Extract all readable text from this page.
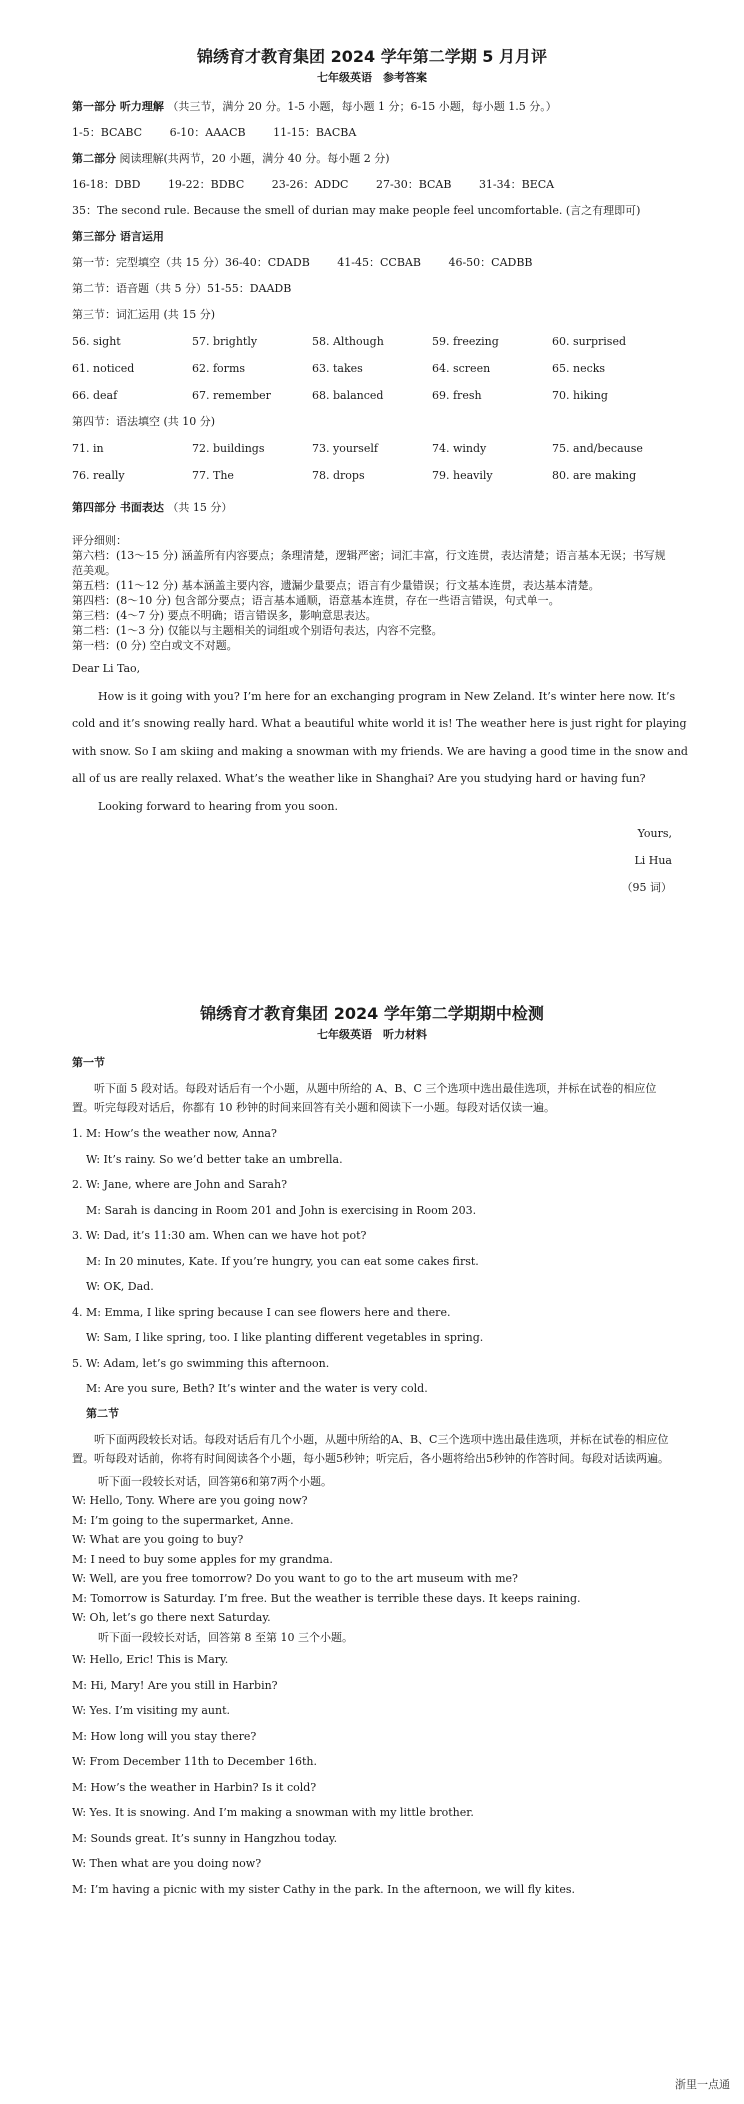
锦绣育才教育集团 2024 学年第二学期 5 月月评
七年级英语　参考答案
第一部分 听力理解 （共三节，满分 20 分。1-5 小题，每小题 1 分；6-15 小题，每小题 1.5 分。）
1-5：BCABC	6-10：AAACB	11-15：BACBA
第二部分 阅读理解(共两节，20 小题，满分 40 分。每小题 2 分)
16-18：DBD	19-22：BDBC	23-26：ADDC	27-30：BCAB	31-34：BECA
35：The second rule. Because the smell of durian may make people feel uncomfortable. (言之有理即可)
第三部分 语言运用
第一节：完型填空（共 15 分）36-40：CDADB	41-45：CCBAB	46-50：CADBB
第二节：语音题（共 5 分）51-55：DAADB
第三节：词汇运用 (共 15 分)
56. sight	57. brightly	58. Although	59. freezing	60. surprised
61. noticed	62. forms	63. takes	64. screen	65. necks
66. deaf	67. remember	68. balanced	69. fresh	70. hiking
第四节：语法填空 (共 10 分)
71. in	72. buildings	73. yourself	74. windy	75. and/because
76. really	77. The	78. drops	79. heavily	80. are making
第四部分 书面表达 （共 15 分）
评分细则：
第六档：(13～15 分) 涵盖所有内容要点；条理清楚，逻辑严密；词汇丰富，行文连贯，表达清楚；语言基本无误；书写规范美观。
第五档：(11～12 分) 基本涵盖主要内容，遗漏少量要点；语言有少量错误；行文基本连贯，表达基本清楚。
第四档：(8～10 分) 包含部分要点；语言基本通顺，语意基本连贯，存在一些语言错误，句式单一。
第三档：(4～7 分) 要点不明确；语言错误多，影响意思表达。
第二档：(1～3 分) 仅能以与主题相关的词组或个别语句表达，内容不完整。
第一档：(0 分) 空白或文不对题。
Dear Li Tao,
How is it going with you? I’m here for an exchanging program in New Zeland. It’s winter here now. It’s
cold and it’s snowing really hard. What a beautiful white world it is! The weather here is just right for playing
with snow. So I am skiing and making a snowman with my friends. We are having a good time in the snow and
all of us are really relaxed. What’s the weather like in Shanghai? Are you studying hard or having fun?
Looking forward to hearing from you soon.
Yours,
Li Hua
（95 词）
锦绣育才教育集团 2024 学年第二学期期中检测
七年级英语　听力材料
第一节
听下面 5 段对话。每段对话后有一个小题，从题中所给的 A、B、C 三个选项中选出最佳选项，并标在试卷的相应位置。听完每段对话后，你都有 10 秒钟的时间来回答有关小题和阅读下一小题。每段对话仅读一遍。
1. M: How’s the weather now, Anna?
W: It’s rainy. So we’d better take an umbrella.
2. W: Jane, where are John and Sarah?
M: Sarah is dancing in Room 201 and John is exercising in Room 203.
3. W: Dad, it’s 11:30 am. When can we have hot pot?
M: In 20 minutes, Kate. If you’re hungry, you can eat some cakes first.
W: OK, Dad.
4. M: Emma, I like spring because I can see flowers here and there.
W: Sam, I like spring, too. I like planting different vegetables in spring.
5. W: Adam, let’s go swimming this afternoon.
M: Are you sure, Beth? It’s winter and the water is very cold.
第二节
听下面两段较长对话。每段对话后有几个小题，从题中所给的A、B、C三个选项中选出最佳选项，并标在试卷的相应位置。听每段对话前，你将有时间阅读各个小题，每小题5秒钟；听完后，各小题将给出5秒钟的作答时间。每段对话读两遍。
听下面一段较长对话，回答第6和第7两个小题。
W: Hello, Tony. Where are you going now?
M: I’m going to the supermarket, Anne.
W: What are you going to buy?
M: I need to buy some apples for my grandma.
W: Well, are you free tomorrow? Do you want to go to the art museum with me?
M: Tomorrow is Saturday. I’m free. But the weather is terrible these days. It keeps raining.
W: Oh, let’s go there next Saturday.
听下面一段较长对话，回答第 8 至第 10 三个小题。
W: Hello, Eric! This is Mary.
M: Hi, Mary! Are you still in Harbin?
W: Yes. I’m visiting my aunt.
M: How long will you stay there?
W: From December 11th to December 16th.
M: How’s the weather in Harbin? Is it cold?
W: Yes. It is snowing. And I’m making a snowman with my little brother.
M: Sounds great. It’s sunny in Hangzhou today.
W: Then what are you doing now?
M: I’m having a picnic with my sister Cathy in the park. In the afternoon, we will fly kites.
浙里一点通
